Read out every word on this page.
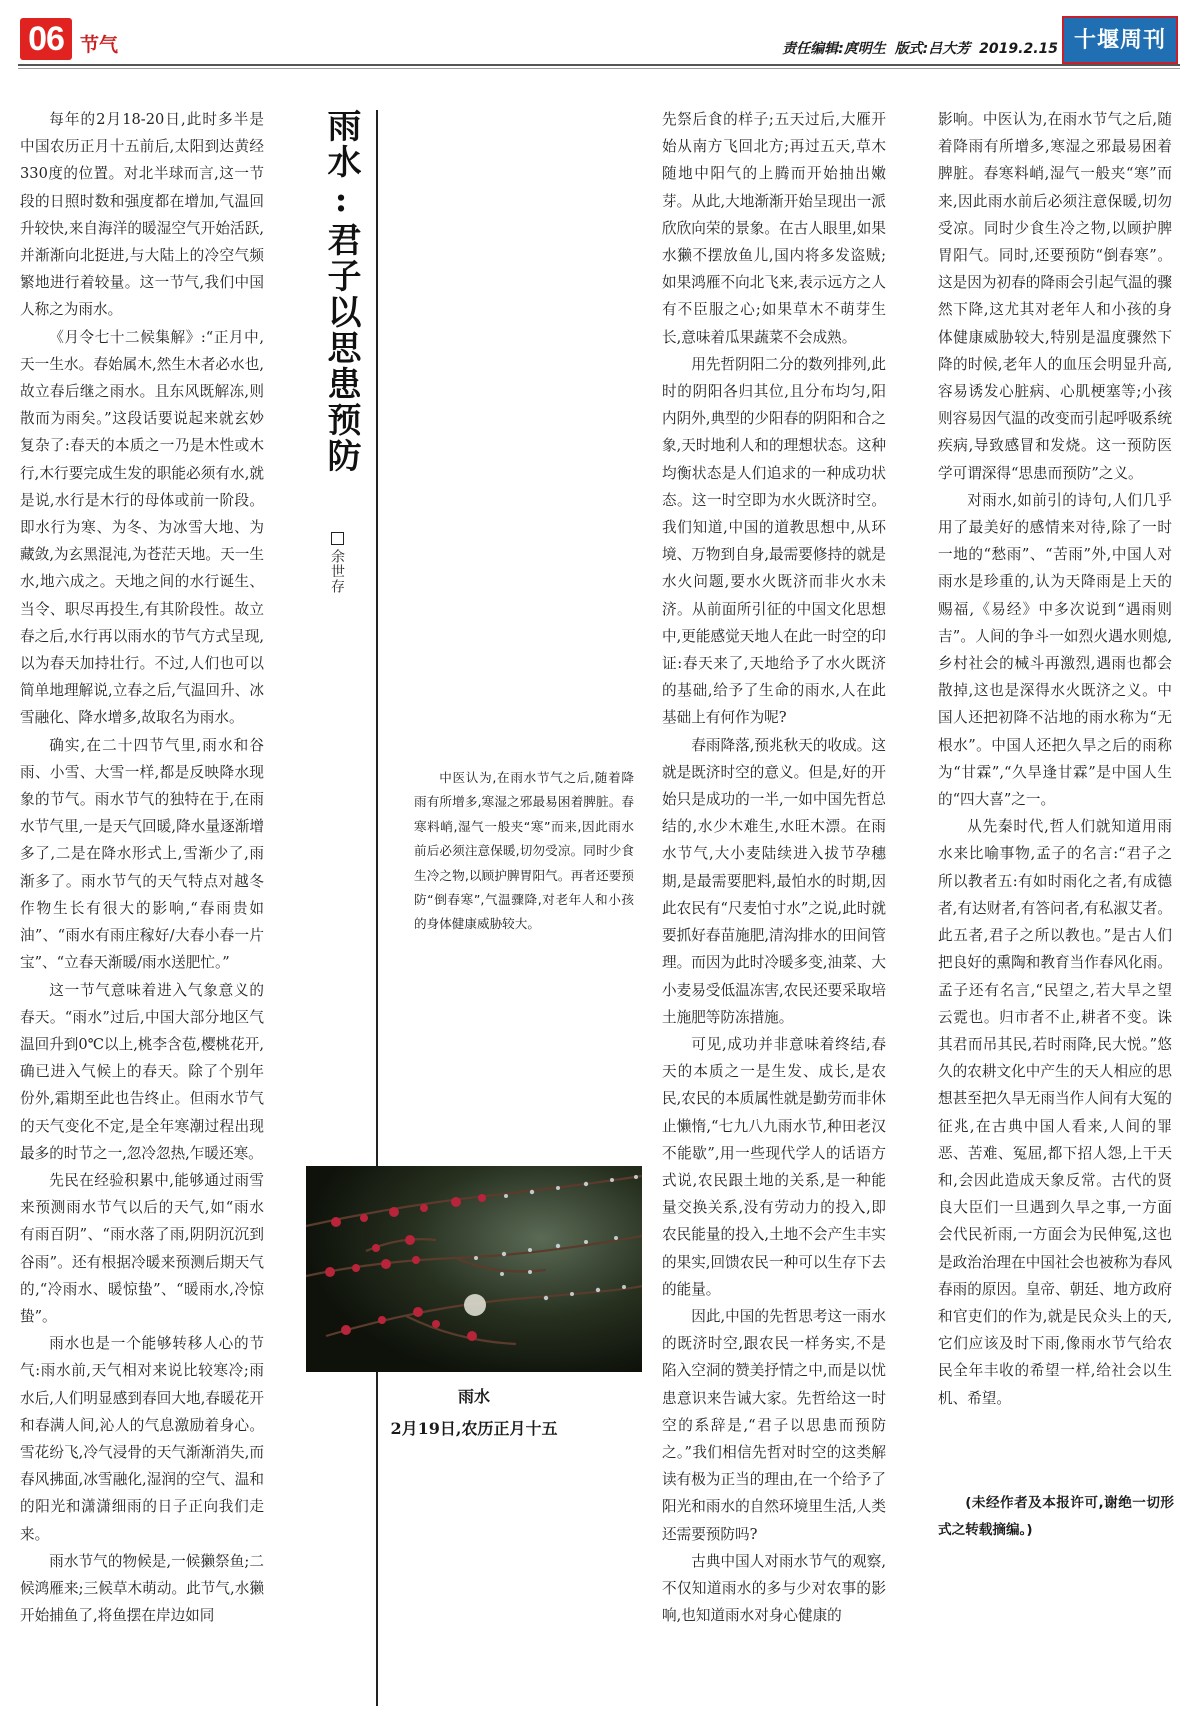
06 节气	责任编辑:庹明生 版式:吕大芳 2019.2.15 十堰周刊

每年的2月18-20日,此时多半是中国农历正月十五前后,太阳到达黄经330度的位置。对北半球而言,这一节段的日照时数和强度都在增加,气温回升较快,来自海洋的暖湿空气开始活跃,并渐渐向北挺进,与大陆上的冷空气频繁地进行着较量。这一节气,我们中国人称之为雨水。

《月令七十二候集解》:“正月中,天一生水。春始属木,然生木者必水也,故立春后继之雨水。且东风既解冻,则散而为雨矣。”这段话要说起来就玄妙复杂了:春天的本质之一乃是木性或木行,木行要完成生发的职能必须有水,就是说,水行是木行的母体或前一阶段。即水行为寒、为冬、为冰雪大地、为藏敛,为玄黑混沌,为苍茫天地。天一生水,地六成之。天地之间的水行诞生、当令、职尽再投生,有其阶段性。故立春之后,水行再以雨水的节气方式呈现,以为春天加持壮行。不过,人们也可以简单地理解说,立春之后,气温回升、冰雪融化、降水增多,故取名为雨水。

确实,在二十四节气里,雨水和谷雨、小雪、大雪一样,都是反映降水现象的节气。雨水节气的独特在于,在雨水节气里,一是天气回暖,降水量逐渐增多了,二是在降水形式上,雪渐少了,雨渐多了。雨水节气的天气特点对越冬作物生长有很大的影响,“春雨贵如油”、“雨水有雨庄稼好/大春小春一片宝”、“立春天渐暖/雨水送肥忙。”

这一节气意味着进入气象意义的春天。“雨水”过后,中国大部分地区气温回升到0℃以上,桃李含苞,樱桃花开,确已进入气候上的春天。除了个别年份外,霜期至此也告终止。但雨水节气的天气变化不定,是全年寒潮过程出现最多的时节之一,忽冷忽热,乍暖还寒。

先民在经验积累中,能够通过雨雪来预测雨水节气以后的天气,如“雨水有雨百阴”、“雨水落了雨,阴阴沉沉到谷雨”。还有根据冷暖来预测后期天气的,“冷雨水、暖惊蛰”、“暖雨水,冷惊蛰”。

雨水也是一个能够转移人心的节气:雨水前,天气相对来说比较寒冷;雨水后,人们明显感到春回大地,春暖花开和春满人间,沁人的气息激励着身心。雪花纷飞,冷气浸骨的天气渐渐消失,而春风拂面,冰雪融化,湿润的空气、温和的阳光和潇潇细雨的日子正向我们走来。

雨水节气的物候是,一候獭祭鱼;二候鸿雁来;三候草木萌动。此节气,水獭开始捕鱼了,将鱼摆在岸边如同

雨水:君子以思患预防
余世存

中医认为,在雨水节气之后,随着降雨有所增多,寒湿之邪最易困着脾脏。春寒料峭,湿气一般夹“寒”而来,因此雨水前后必须注意保暖,切勿受凉。同时少食生冷之物,以顾护脾胃阳气。再者还要预防“倒春寒”,气温骤降,对老年人和小孩的身体健康威胁较大。

雨水
2月19日,农历正月十五

先祭后食的样子;五天过后,大雁开始从南方飞回北方;再过五天,草木随地中阳气的上腾而开始抽出嫩芽。从此,大地渐渐开始呈现出一派欣欣向荣的景象。在古人眼里,如果水獭不摆放鱼儿,国内将多发盗贼;如果鸿雁不向北飞来,表示远方之人有不臣服之心;如果草木不萌芽生长,意味着瓜果蔬菜不会成熟。

用先哲阴阳二分的数列排列,此时的阴阳各归其位,且分布均匀,阳内阴外,典型的少阳春的阴阳和合之象,天时地利人和的理想状态。这种均衡状态是人们追求的一种成功状态。这一时空即为水火既济时空。我们知道,中国的道教思想中,从环境、万物到自身,最需要修持的就是水火问题,要水火既济而非火水未济。从前面所引征的中国文化思想中,更能感觉天地人在此一时空的印证:春天来了,天地给予了水火既济的基础,给予了生命的雨水,人在此基础上有何作为呢?

春雨降落,预兆秋天的收成。这就是既济时空的意义。但是,好的开始只是成功的一半,一如中国先哲总结的,水少木难生,水旺木漂。在雨水节气,大小麦陆续进入拔节孕穗期,是最需要肥料,最怕水的时期,因此农民有“尺麦怕寸水”之说,此时就要抓好春苗施肥,清沟排水的田间管理。而因为此时冷暖多变,油菜、大小麦易受低温冻害,农民还要采取培土施肥等防冻措施。

可见,成功并非意味着终结,春天的本质之一是生发、成长,是农民,农民的本质属性就是勤劳而非休止懒惰,“七九八九雨水节,种田老汉不能歇”,用一些现代学人的话语方式说,农民跟土地的关系,是一种能量交换关系,没有劳动力的投入,即农民能量的投入,土地不会产生丰实的果实,回馈农民一种可以生存下去的能量。

因此,中国的先哲思考这一雨水的既济时空,跟农民一样务实,不是陷入空洞的赞美抒情之中,而是以忧患意识来告诫大家。先哲给这一时空的系辞是,“君子以思患而预防之。”我们相信先哲对时空的这类解读有极为正当的理由,在一个给予了阳光和雨水的自然环境里生活,人类还需要预防吗?

古典中国人对雨水节气的观察,不仅知道雨水的多与少对农事的影响,也知道雨水对身心健康的

影响。中医认为,在雨水节气之后,随着降雨有所增多,寒湿之邪最易困着脾脏。春寒料峭,湿气一般夹“寒”而来,因此雨水前后必须注意保暖,切勿受凉。同时少食生冷之物,以顾护脾胃阳气。同时,还要预防“倒春寒”。这是因为初春的降雨会引起气温的骤然下降,这尤其对老年人和小孩的身体健康威胁较大,特别是温度骤然下降的时候,老年人的血压会明显升高,容易诱发心脏病、心肌梗塞等;小孩则容易因气温的改变而引起呼吸系统疾病,导致感冒和发烧。这一预防医学可谓深得“思患而预防”之义。

对雨水,如前引的诗句,人们几乎用了最美好的感情来对待,除了一时一地的“愁雨”、“苦雨”外,中国人对雨水是珍重的,认为天降雨是上天的赐福,《易经》中多次说到“遇雨则吉”。人间的争斗一如烈火遇水则熄,乡村社会的械斗再激烈,遇雨也都会散掉,这也是深得水火既济之义。中国人还把初降不沾地的雨水称为“无根水”。中国人还把久旱之后的雨称为“甘霖”,“久旱逢甘霖”是中国人生的“四大喜”之一。

从先秦时代,哲人们就知道用雨水来比喻事物,孟子的名言:“君子之所以教者五:有如时雨化之者,有成德者,有达财者,有答问者,有私淑艾者。此五者,君子之所以教也。”是古人们把良好的熏陶和教育当作春风化雨。孟子还有名言,“民望之,若大旱之望云霓也。归市者不止,耕者不变。诛其君而吊其民,若时雨降,民大悦。”悠久的农耕文化中产生的天人相应的思想甚至把久旱无雨当作人间有大冤的征兆,在古典中国人看来,人间的罪恶、苦难、冤屈,都下招人怨,上干天和,会因此造成天象反常。古代的贤良大臣们一旦遇到久旱之事,一方面会代民祈雨,一方面会为民伸冤,这也是政治治理在中国社会也被称为春风春雨的原因。皇帝、朝廷、地方政府和官吏们的作为,就是民众头上的天,它们应该及时下雨,像雨水节气给农民全年丰收的希望一样,给社会以生机、希望。

(未经作者及本报许可,谢绝一切形式之转载摘编。)
